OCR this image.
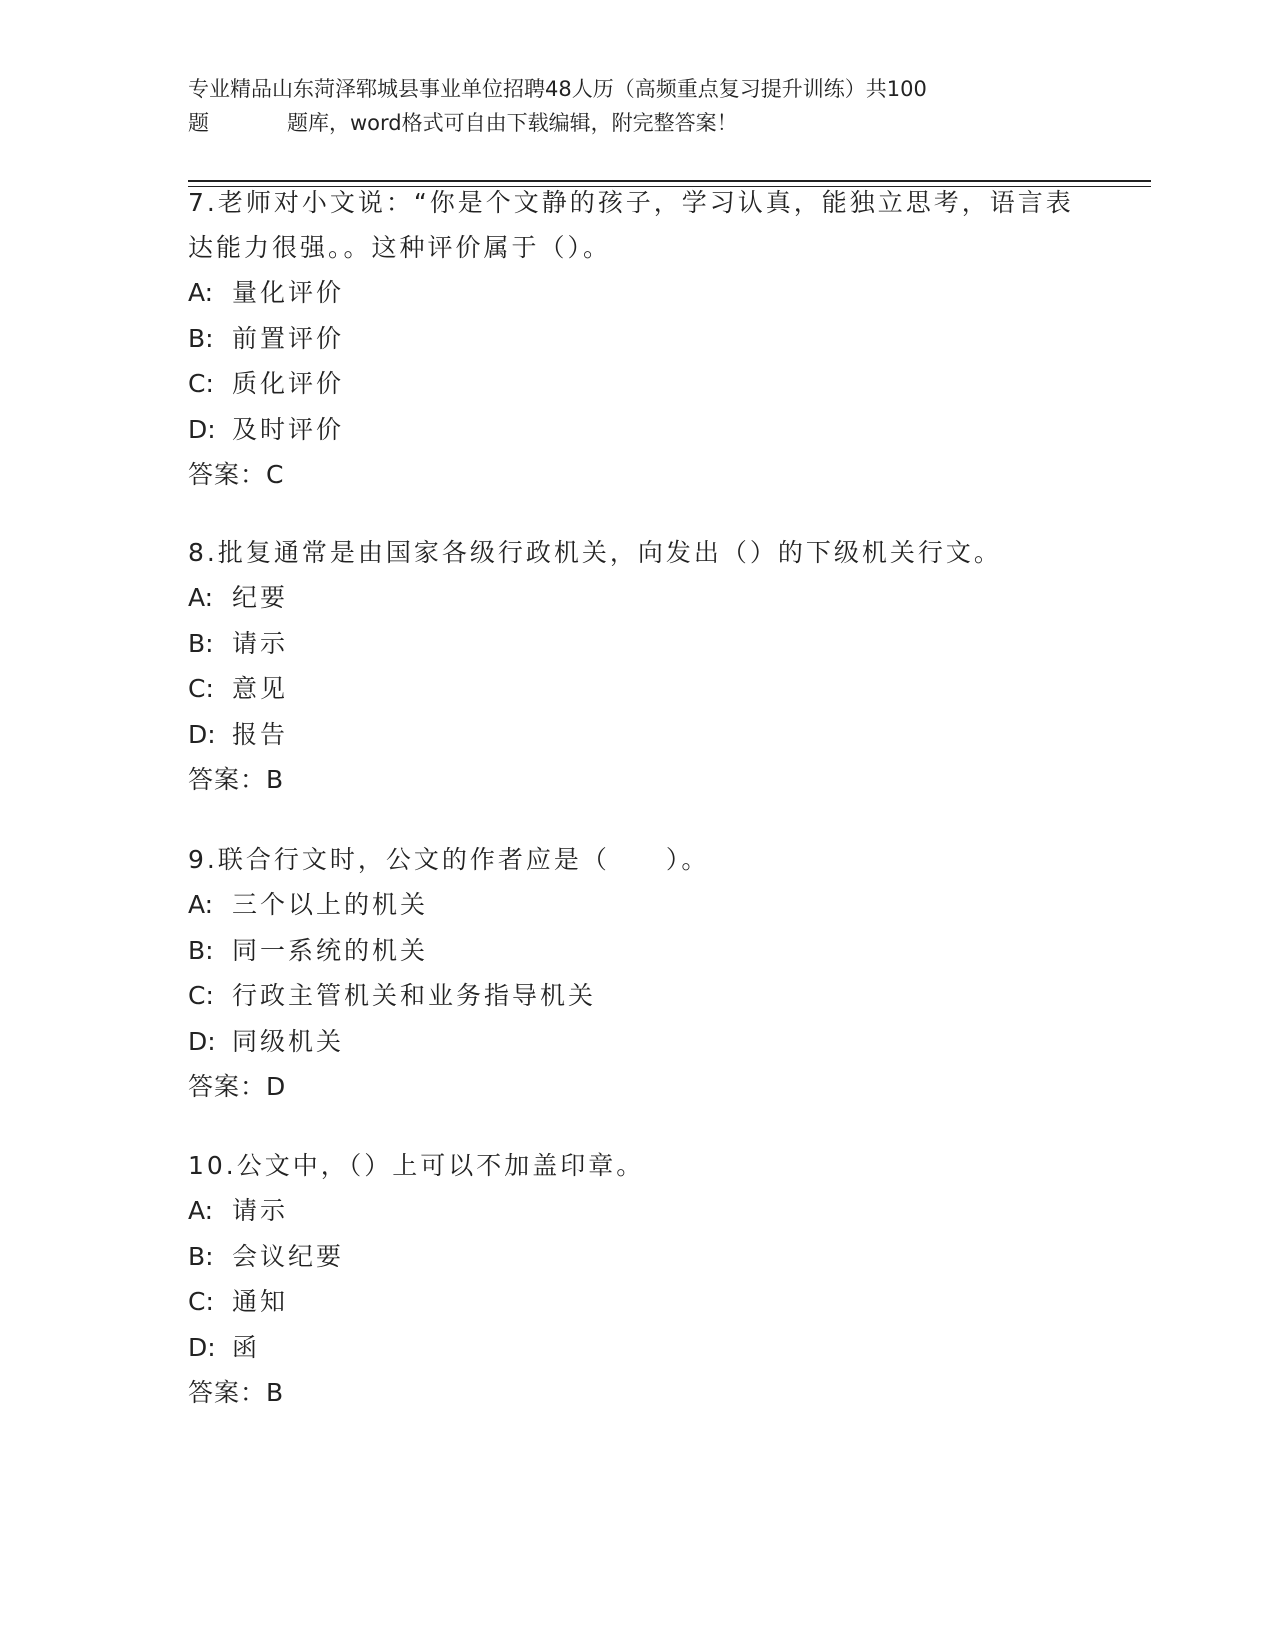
专业精品山东菏泽郓城县事业单位招聘48人历（高频重点复习提升训练）共100
题	题库，word格式可自由下载编辑，附完整答案！
7.老师对小文说：“你是个文静的孩子，学习认真，能独立思考，语言表达能力很强。。这种评价属于（）。
A: 量化评价
B: 前置评价
C: 质化评价
D: 及时评价
答案：C
8.批复通常是由国家各级行政机关，向发出（）的下级机关行文。
A: 纪要
B: 请示
C: 意见
D: 报告
答案：B
9.联合行文时，公文的作者应是（　　）。
A: 三个以上的机关
B: 同一系统的机关
C: 行政主管机关和业务指导机关
D: 同级机关
答案：D
10.公文中，（）上可以不加盖印章。
A: 请示
B: 会议纪要
C: 通知
D: 函
答案：B
